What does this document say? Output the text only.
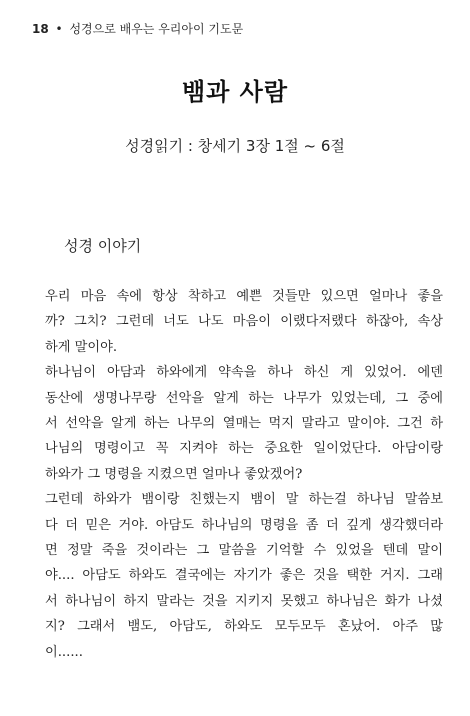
18 • 성경으로 배우는 우리아이 기도문
뱀과 사람
성경읽기 : 창세기 3장 1절 ~ 6절
성경 이야기
우리 마음 속에 항상 착하고 예쁜 것들만 있으면 얼마나 좋을
까? 그치? 그런데 너도 나도 마음이 이랬다저랬다 하잖아, 속상
하게 말이야.
하나님이 아담과 하와에게 약속을 하나 하신 게 있었어. 에덴
동산에 생명나무랑 선악을 알게 하는 나무가 있었는데, 그 중에
서 선악을 알게 하는 나무의 열매는 먹지 말라고 말이야. 그건 하
나님의 명령이고 꼭 지켜야 하는 중요한 일이었단다. 아담이랑
하와가 그 명령을 지켰으면 얼마나 좋았겠어?
그런데 하와가 뱀이랑 친했는지 뱀이 말 하는걸 하나님 말씀보
다 더 믿은 거야. 아담도 하나님의 명령을 좀 더 깊게 생각했더라
면 정말 죽을 것이라는 그 말씀을 기억할 수 있었을 텐데 말이
야.... 아담도 하와도 결국에는 자기가 좋은 것을 택한 거지. 그래
서 하나님이 하지 말라는 것을 지키지 못했고 하나님은 화가 나셨
지? 그래서 뱀도, 아담도, 하와도 모두모두 혼났어. 아주 많
이......
